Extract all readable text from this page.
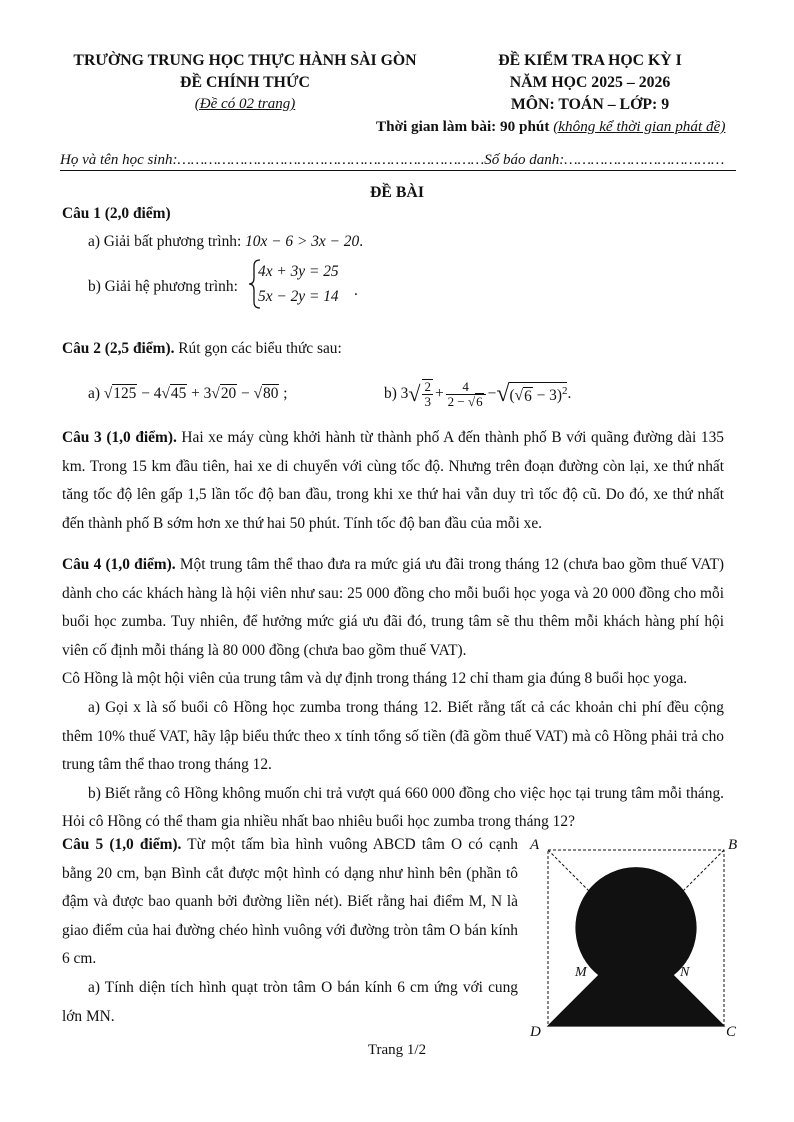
TRƯỜNG TRUNG HỌC THỰC HÀNH SÀI GÒN
ĐỀ CHÍNH THỨC
(Đề có 02 trang)
ĐỀ KIỂM TRA HỌC KỲ I
NĂM HỌC 2025 – 2026
MÔN: TOÁN – LỚP: 9
Thời gian làm bài: 90 phút (không kể thời gian phát đề)
Họ và tên học sinh:……………………………………………………………Số báo danh:………………………………
ĐỀ BÀI
Câu 1 (2,0 điểm)
a) Giải bất phương trình: 10x − 6 > 3x − 20.
b) Giải hệ phương trình:
4x + 3y = 25
5x − 2y = 14 .
Câu 2 (2,5 điểm). Rút gọn các biểu thức sau:
a) √125 − 4√45 + 3√20 − √80 ;	b) 3 √ $\frac{2}{3} + \frac{4}{2 - √6}$ − √ $(√6 - 3)^2$ .

Câu 3 (1,0 điểm). Hai xe máy cùng khởi hành từ thành phố A đến thành phố B với quãng đường dài 135 km. Trong 15 km đầu tiên, hai xe di chuyển với cùng tốc độ. Nhưng trên đoạn đường còn lại, xe thứ nhất tăng tốc độ lên gấp 1,5 lần tốc độ ban đầu, trong khi xe thứ hai vẫn duy trì tốc độ cũ. Do đó, xe thứ nhất đến thành phố B sớm hơn xe thứ hai 50 phút. Tính tốc độ ban đầu của mỗi xe.

Câu 4 (1,0 điểm). Một trung tâm thể thao đưa ra mức giá ưu đãi trong tháng 12 (chưa bao gồm thuế VAT) dành cho các khách hàng là hội viên như sau: 25 000 đồng cho mỗi buổi học yoga và 20 000 đồng cho mỗi buổi học zumba. Tuy nhiên, để hưởng mức giá ưu đãi đó, trung tâm sẽ thu thêm mỗi khách hàng phí hội viên cố định mỗi tháng là 80 000 đồng (chưa bao gồm thuế VAT).

Cô Hồng là một hội viên của trung tâm và dự định trong tháng 12 chỉ tham gia đúng 8 buổi học yoga.

a) Gọi x là số buổi cô Hồng học zumba trong tháng 12. Biết rằng tất cả các khoản chi phí đều cộng thêm 10% thuế VAT, hãy lập biểu thức theo x tính tổng số tiền (đã gồm thuế VAT) mà cô Hồng phải trả cho trung tâm thể thao trong tháng 12.

b) Biết rằng cô Hồng không muốn chi trả vượt quá 660 000 đồng cho việc học tại trung tâm mỗi tháng. Hỏi cô Hồng có thể tham gia nhiều nhất bao nhiêu buổi học zumba trong tháng 12?

Câu 5 (1,0 điểm). Từ một tấm bìa hình vuông ABCD tâm O có cạnh bằng 20 cm, bạn Bình cắt được một hình có dạng như hình bên (phần tô đậm và được bao quanh bởi đường liền nét). Biết rằng hai điểm M, N là giao điểm của hai đường chéo hình vuông với đường tròn tâm O bán kính 6 cm.

a) Tính diện tích hình quạt tròn tâm O bán kính 6 cm ứng với cung lớn MN.

A	B
D	C
M	N
Trang 1/2
